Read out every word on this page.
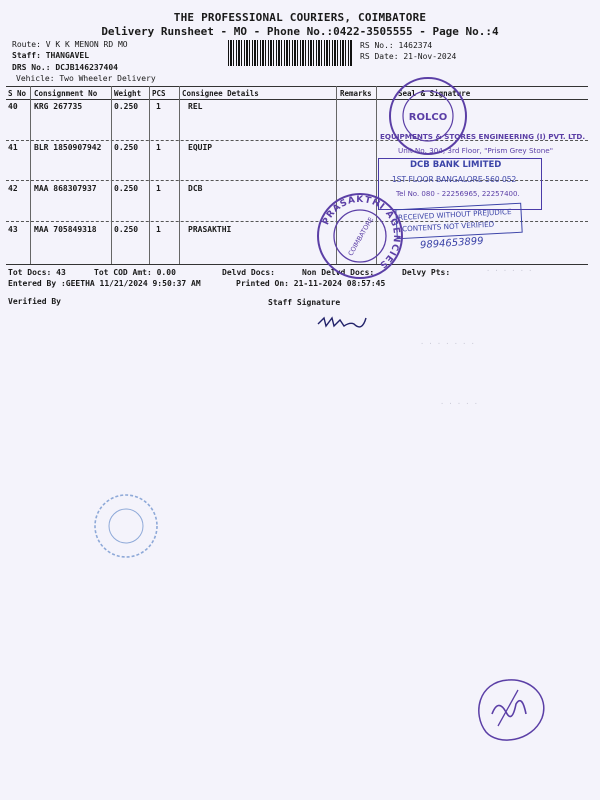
THE PROFESSIONAL COURIERS, COIMBATORE
Delivery Runsheet - MO - Phone No.:0422-3505555 - Page No.:4
Route: V K K MENON RD MO
Staff: THANGAVEL
DRS No.: DCJB146237404
Vehicle: Two Wheeler Delivery
RS No.: 1462374
RS Date: 21-Nov-2024
S No Consignment No Weight PCS Consignee Details	Remarks	Seal & Signature
40 KRG 267735	0.250 1	REL
41 BLR 1850907942 0.250 1	EQUIP
42 MAA 868307937 0.250 1	DCB
43 MAA 705849318 0.250 1	PRASAKTHI
Tot Docs: 43	Tot COD Amt: 0.00	Delvd Docs:	Non Delvd Docs:	Delvy Pts:
Entered By :GEETHA 11/21/2024 9:50:37 AM	Printed On: 21-11-2024 08:57:45
Verified By	Staff Signature
· · · · · ·
· · · · · · ·
· · · · ·
ROLCO
EQUIPMENTS & STORES ENGINEERING (I) PVT. LTD.
Unit No. 304, 3rd Floor, "Prism Grey Stone"
Tel No. 080 - 22256965, 22257400.
DCB BANK LIMITED
1ST FLOOR BANGALORE-560 052
RECEIVED WITHOUT PREJUDICE
CONTENTS NOT VERIFIED
9894653899
PRASAKTHI AGENCIES
COIMBATORE
